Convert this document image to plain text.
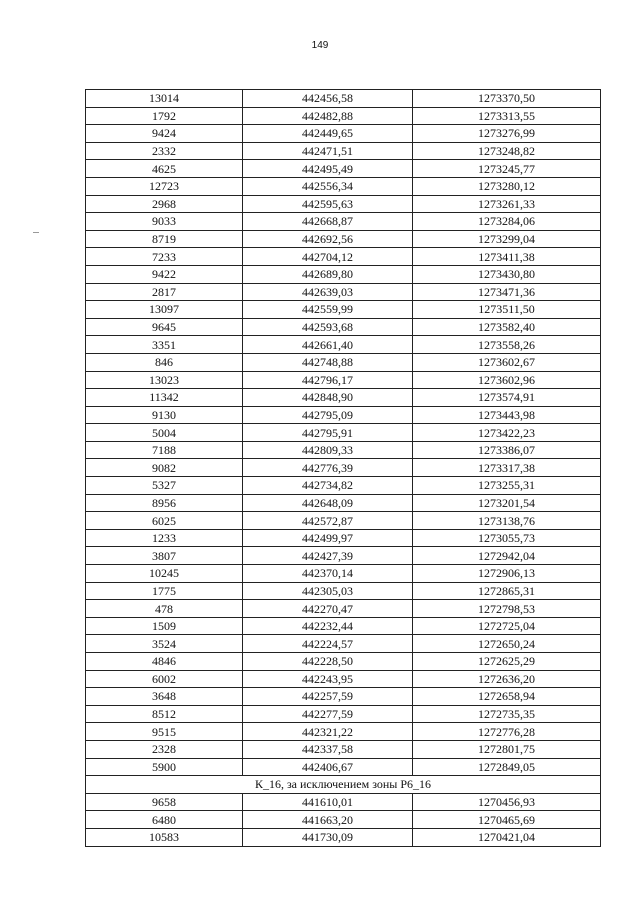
149
13014	442456,58	1273370,50
1792	442482,88	1273313,55
9424	442449,65	1273276,99
2332	442471,51	1273248,82
4625	442495,49	1273245,77
12723	442556,34	1273280,12
2968	442595,63	1273261,33
9033	442668,87	1273284,06
8719	442692,56	1273299,04
7233	442704,12	1273411,38
9422	442689,80	1273430,80
2817	442639,03	1273471,36
13097	442559,99	1273511,50
9645	442593,68	1273582,40
3351	442661,40	1273558,26
846	442748,88	1273602,67
13023	442796,17	1273602,96
11342	442848,90	1273574,91
9130	442795,09	1273443,98
5004	442795,91	1273422,23
7188	442809,33	1273386,07
9082	442776,39	1273317,38
5327	442734,82	1273255,31
8956	442648,09	1273201,54
6025	442572,87	1273138,76
1233	442499,97	1273055,73
3807	442427,39	1272942,04
10245	442370,14	1272906,13
1775	442305,03	1272865,31
478	442270,47	1272798,53
1509	442232,44	1272725,04
3524	442224,57	1272650,24
4846	442228,50	1272625,29
6002	442243,95	1272636,20
3648	442257,59	1272658,94
8512	442277,59	1272735,35
9515	442321,22	1272776,28
2328	442337,58	1272801,75
5900	442406,67	1272849,05
К_16, за исключением зоны Р6_16		
9658	441610,01	1270456,93
6480	441663,20	1270465,69
10583	441730,09	1270421,04
